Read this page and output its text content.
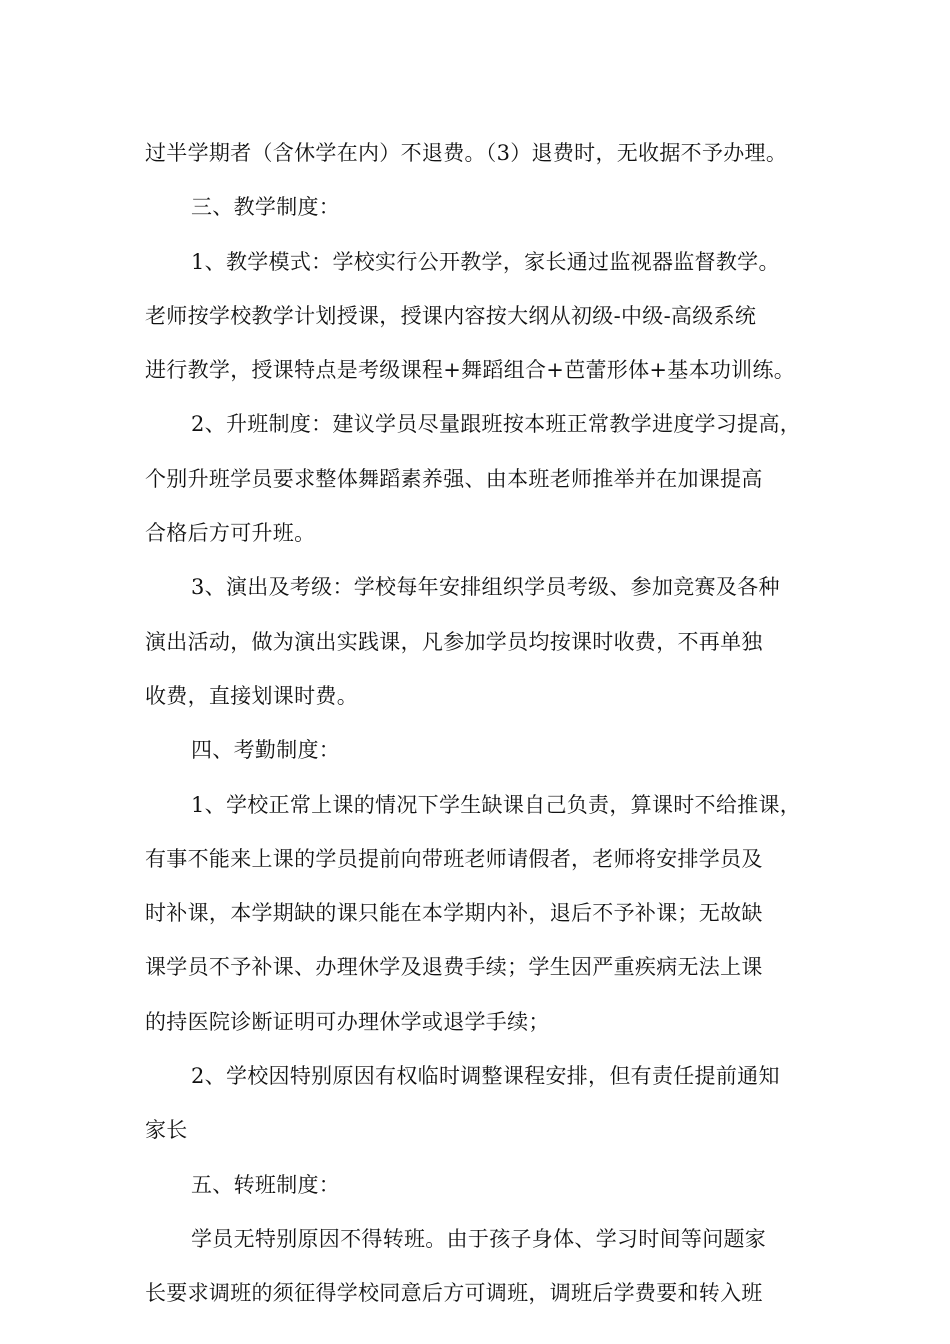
过半学期者（含休学在内）不退费。（3）退费时，无收据不予办理。
三、教学制度：
1、教学模式：学校实行公开教学，家长通过监视器监督教学。
老师按学校教学计划授课，授课内容按大纲从初级-中级-高级系统
进行教学，授课特点是考级课程+舞蹈组合+芭蕾形体+基本功训练。
2、升班制度：建议学员尽量跟班按本班正常教学进度学习提高，
个别升班学员要求整体舞蹈素养强、由本班老师推举并在加课提高
合格后方可升班。
3、演出及考级：学校每年安排组织学员考级、参加竞赛及各种
演出活动，做为演出实践课，凡参加学员均按课时收费，不再单独
收费，直接划课时费。
四、考勤制度：
1、学校正常上课的情况下学生缺课自己负责，算课时不给推课，
有事不能来上课的学员提前向带班老师请假者，老师将安排学员及
时补课，本学期缺的课只能在本学期内补，退后不予补课；无故缺
课学员不予补课、办理休学及退费手续；学生因严重疾病无法上课
的持医院诊断证明可办理休学或退学手续；
2、学校因特别原因有权临时调整课程安排，但有责任提前通知
家长
五、转班制度：
学员无特别原因不得转班。由于孩子身体、学习时间等问题家
长要求调班的须征得学校同意后方可调班，调班后学费要和转入班
